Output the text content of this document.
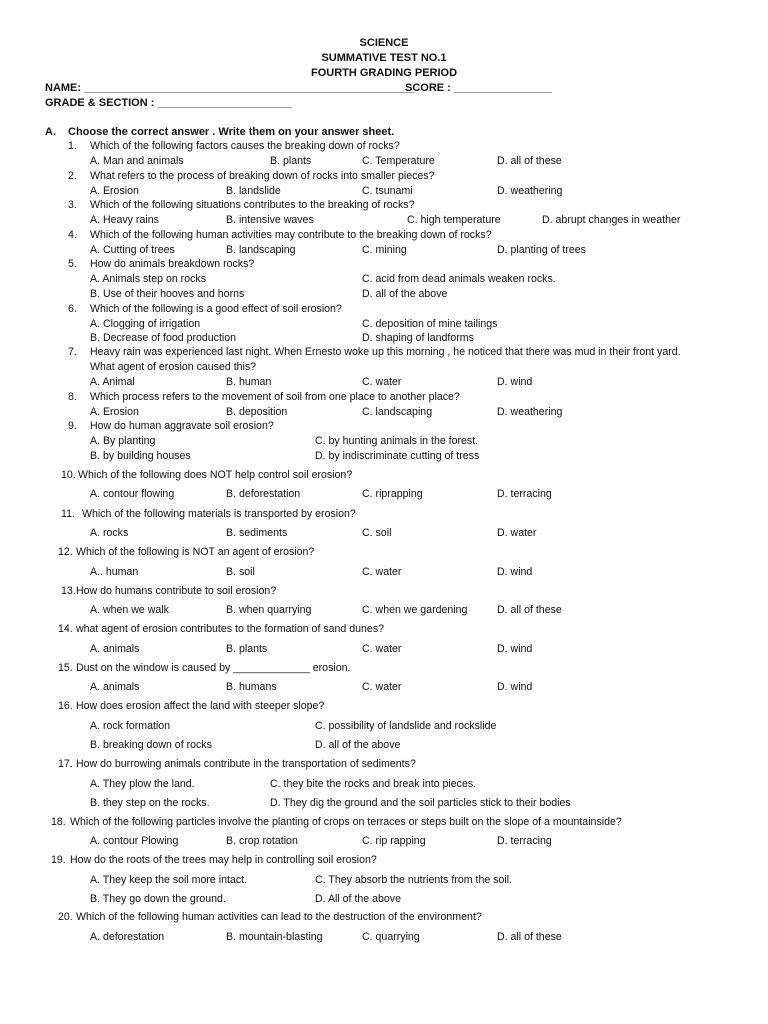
SCIENCE
SUMMATIVE TEST NO.1
FOURTH GRADING PERIOD
NAME: ______________________________________________________
SCORE : ________________
GRADE & SECTION : ______________________
A. Choose the correct answer . Write them on your answer sheet.
1. Which of the following factors causes the breaking down of rocks?
A. Man and animals	B. plants	C. Temperature	D. all of these
2. What refers to the process of breaking down of rocks into smaller pieces?
A. Erosion	B. landslide	C. tsunami	D. weathering
3. Which of the following situations contributes to the breaking of rocks?
A. Heavy rains	B. intensive waves	C. high temperature	D. abrupt changes in weather
4. Which of the following human activities may contribute to the breaking down of rocks?
A. Cutting of trees	B. landscaping	C. mining	D. planting of trees
5. How do animals breakdown rocks?
A. Animals step on rocks	C. acid from dead animals weaken rocks.
B. Use of their hooves and horns	D. all of the above
6. Which of the following is a good effect of soil erosion?
A. Clogging of irrigation	C. deposition of mine tailings
B. Decrease of food production	D. shaping of landforms
7. Heavy rain was experienced last night. When Ernesto woke up this morning , he noticed that there was mud in their front yard.
What agent of erosion caused this?
A. Animal	B. human	C. water	D. wind
8. Which process refers to the movement of soil from one place to another place?
A. Erosion	B. deposition	C. landscaping	D. weathering
9. How do human aggravate soil erosion?
A. By planting	C. by hunting animals in the forest.
B. by building houses	D. by indiscriminate cutting of tress
10. Which of the following does NOT help control soil erosion?
A. contour flowing	B. deforestation	C. riprapping	D. terracing
11. Which of the following materials is transported by erosion?
A. rocks	B. sediments	C. soil	D. water
12. Which of the following is NOT an agent of erosion?
A.. human	B. soil	C. water	D. wind
13. How do humans contribute to soil erosion?
A. when we walk	B. when quarrying	C. when we gardening	D. all of these
14. what agent of erosion contributes to the formation of sand dunes?
A. animals	B. plants	C. water	D. wind
15. Dust on the window is caused by _____________ erosion.
A. animals	B. humans	C. water	D. wind
16. How does erosion affect the land with steeper slope?
A. rock formation	C. possibility of landslide and rockslide
B. breaking down of rocks	D. all of the above
17. How do burrowing animals contribute in the transportation of sediments?
A. They plow the land.	C. they bite the rocks and break into pieces.
B. they step on the rocks.	D. They dig the ground and the soil particles stick to their bodies
18. Which of the following particles involve the planting of crops on terraces or steps built on the slope of a mountainside?
A. contour Plowing	B. crop rotation	C. rip rapping	D. terracing
19. How do the roots of the trees may help in controlling soil erosion?
A. They keep the soil more intact.	C. They absorb the nutrients from the soil.
B. They go down the ground.	D. All of the above
20. Which of the following human activities can lead to the destruction of the environment?
A. deforestation	B. mountain-blasting	C. quarrying	D. all of these
